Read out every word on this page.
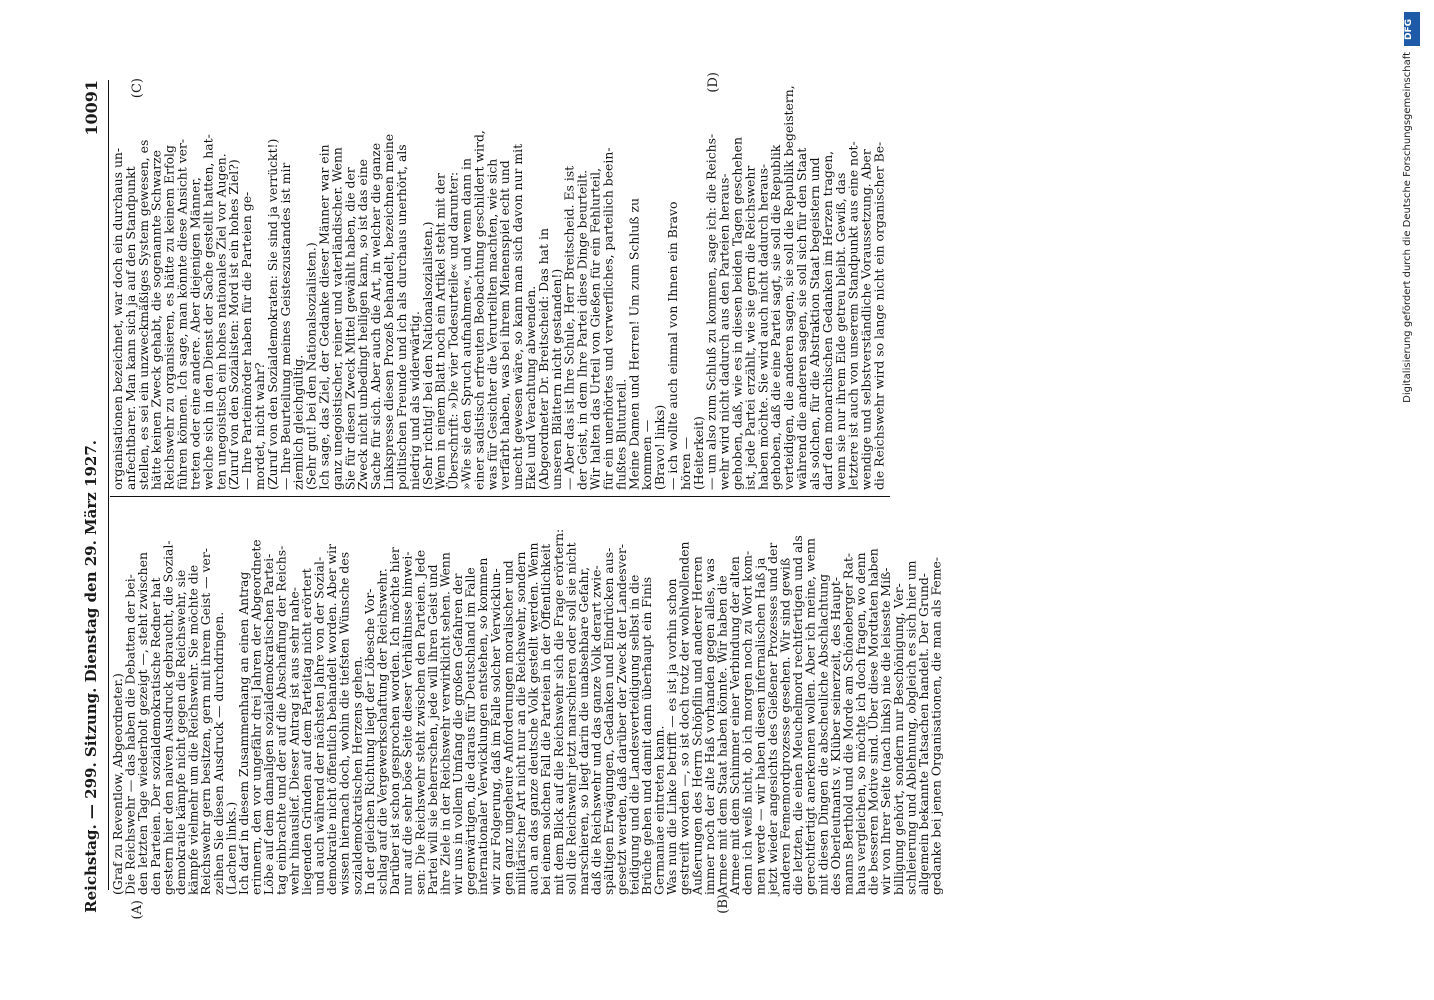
Reichstag. — 299. Sitzung. Dienstag den 29. März 1927.
10091
(A)	(B)
(C)	(D)
(Graf zu Reventlow, Abgeordneter.)
Die Reichswehr — das haben die Debatten der bei-
den letzten Tage wiederholt gezeigt —, steht zwischen
den Parteien. Der sozialdemokratische Redner hat
gestern hier den naiven Ausdruck gebraucht, die Sozial-
demokratie kämpfe nicht gegen die Reichswehr, sie
kämpfe vielmehr um die Reichswehr. Sie möchte die
Reichswehr gern besitzen, gern mit ihrem Geist — ver-
zeihen Sie diesen Ausdruck — durchdringen.
(Lachen links.)
Ich darf in diesem Zusammenhang an einen Antrag
erinnern, den vor ungefähr drei Jahren der Abgeordnete
Löbe auf dem damaligen sozialdemokratischen Partei-
tag einbrachte und der auf die Abschaffung der Reichs-
wehr hinauslief. Dieser Antrag ist aus sehr nahe-
liegenden Gründen auf dem Parteitag nicht erörtert
und auch während der nächsten Jahre von der Sozial-
demokratie nicht öffentlich behandelt worden. Aber wir
wissen hiernach doch, wohin die tiefsten Wünsche des
sozialdemokratischen Herzens gehen.
In der gleichen Richtung liegt der Löbesche Vor-
schlag auf die Vergewerkschaftung der Reichswehr.
Darüber ist schon gesprochen worden. Ich möchte hier
nur auf die sehr böse Seite dieser Verhältnisse hinwei-
sen: Die Reichswehr steht zwischen den Parteien. Jede
Partei will sie beherrschen, jede will ihren Geist und
ihre Ziele in der Reichswehr verwirklicht sehen. Wenn
wir uns in vollem Umfang die großen Gefahren der
gegenwärtigen, die daraus für Deutschland im Falle
internationaler Verwicklungen entstehen, so kommen
wir zur Folgerung, daß im Falle solcher Verwicklun-
gen ganz ungeheure Anforderungen moralischer und
militärischer Art nicht nur an die Reichswehr, sondern
auch an das ganze deutsche Volk gestellt werden. Wenn
bei einem solchen Fall die Parteien in der Öffentlichkeit
mit dem Blick auf die Reichswehr sich die Frage erörtern:
soll die Reichswehr jetzt marschieren oder soll sie nicht
marschieren, so liegt darin die unabsehbare Gefahr,
daß die Reichswehr und das ganze Volk derart zwie-
spältigen Erwägungen, Gedanken und Eindrücken aus-
gesetzt werden, daß darüber der Zweck der Landesver-
teidigung und die Landesverteidigung selbst in die
Brüche gehen und damit dann überhaupt ein Finis
Germaniae eintreten kann.
Was nun die Linke betrifft — es ist ja vorhin schon
gestreift worden —, so ist doch trotz der wohlwollenden
Äußerungen des Herrn Schöpflin und anderer Herren
immer noch der alte Haß vorhanden gegen alles, was
Armee mit dem Staat haben könnte. Wir haben die
Armee mit dem Schimmer einer Verbindung der alten
denn ich weiß nicht, ob ich morgen noch zu Wort kom-
men werde — wir haben diesen infernalischen Haß ja
jetzt wieder angesichts des Gießener Prozesses und der
anderen Fememordprozesse gesehen. Wir sind gewiß
die letzten, die einen Meuchelmord rechtfertigen und als
gerechtfertigt anerkennen wollen. Aber ich meine, wenn
mit diesen Dingen die abscheuliche Abschlachtung
des Oberleutnants v. Klüber seinerzeit, des Haupt-
manns Berthold und die Morde am Schöneberger Rat-
haus vergleichen, so möchte ich doch fragen, wo denn
die besseren Motive sind. Über diese Mordtaten haben
wir von Ihrer Seite (nach links) nie die leiseste Miß-
billigung gehört, sondern nur Beschönigung, Ver-
schleierung und Ablehnung, obgleich es sich hier um
allgemein bekannte Tatsachen handelt. Der Grund-
gedanke bei jenen Organisationen, die man als Feme-
organisationen bezeichnet, war doch ein durchaus un-
anfechtbarer. Man kann sich ja auf den Standpunkt
stellen, es sei ein unzweckmäßiges System gewesen, es
hätte keinen Zweck gehabt, die sogenannte Schwarze
Reichswehr zu organisieren, es hätte zu keinem Erfolg
führen können. Ich sage, man könnte diese Ansicht ver-
treten oder eine andere. Aber diejenigen Männer,
welche sich in den Dienst der Sache gestellt hatten, hat-
ten unegoistisch ein hohes nationales Ziel vor Augen.
(Zuruf von den Sozialisten: Mord ist ein hohes Ziel?)
— Ihre Parteimörder haben für die Parteien ge-
mordet, nicht wahr?
(Zuruf von den Sozialdemokraten: Sie sind ja verrückt!)
— Ihre Beurteilung meines Geisteszustandes ist mir
ziemlich gleichgültig.
(Sehr gut! bei den Nationalsozialisten.)
Ich sage, das Ziel, der Gedanke dieser Männer war ein
ganz unegoistischer, reiner und vaterländischer. Wenn
Sie für diesen Zweck Mittel gewählt haben, die der
Zweck nicht unbedingt heiligen kann, so ist das eine
Sache für sich. Aber auch die Art, in welcher die ganze
Linkspresse diesen Prozeß behandelt, bezeichnen meine
politischen Freunde und ich als durchaus unerhört, als
niedrig und als widerwärtig.
(Sehr richtig! bei den Nationalsozialisten.)
Wenn in einem Blatt noch ein Artikel steht mit der
Überschrift: »Die vier Todesurteile« und darunter:
»Wie sie den Spruch aufnahmen«, und wenn dann in
einer sadistisch erfreuten Beobachtung geschildert wird,
was für Gesichter die Verurteilten machten, wie sich
verfärbt haben, was bei ihrem Mienenspiel echt und
unecht gewesen wäre, so kann man sich davon nur mit
Ekel und Verachtung abwenden.
(Abgeordneter Dr. Breitscheid: Das hat in
unseren Blättern nicht gestanden!)
— Aber das ist Ihre Schule, Herr Breitscheid. Es ist
der Geist, in dem Ihre Partei diese Dinge beurteilt.
Wir halten das Urteil von Gießen für ein Fehlurteil,
für ein unerhörtes und verwerfliches, parteilich beein-
flußtes Bluturteil.
Meine Damen und Herren! Um zum Schluß zu
kommen —
(Bravo! links)
— ich wollte auch einmal von Ihnen ein Bravo
hören —
(Heiterkeit)
— um also zum Schluß zu kommen, sage ich: die Reichs-
wehr wird nicht dadurch aus den Parteien heraus-
gehoben, daß, wie es in diesen beiden Tagen geschehen
ist, jede Partei erzählt, wie sie gern die Reichswehr
haben möchte. Sie wird auch nicht dadurch heraus-
gehoben, daß die eine Partei sagt, sie soll die Republik
verteidigen, die anderen sagen, sie soll die Republik begeistern,
während die anderen sagen, sie soll sich für den Staat
als solchen, für die Abstraktion Staat begeistern und
darf den monarchischen Gedanken im Herzen tragen,
wenn sie nur ihrem Eide getreu bleibt. Gewiß, das
letztere ist auch von unserem Standpunkt aus eine not-
wendige und selbstverständliche Voraussetzung. Aber
die Reichswehr wird so lange nicht ein organischer Be-
DFG
Digitalisierung gefördert durch die Deutsche Forschungsgemeinschaft
